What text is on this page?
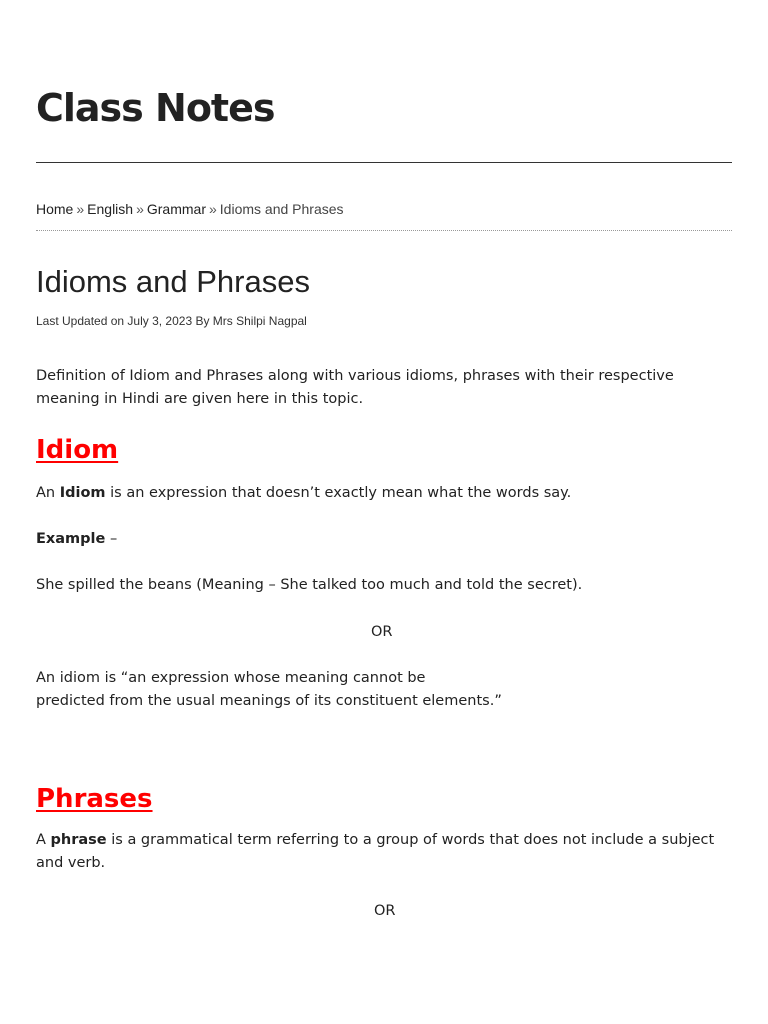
Class Notes
Home » English » Grammar » Idioms and Phrases
Idioms and Phrases
Last Updated on July 3, 2023 By Mrs Shilpi Nagpal

Definition of Idiom and Phrases along with various idioms, phrases with their respective meaning in Hindi are given here in this topic.

Idiom

An Idiom is an expression that doesn’t exactly mean what the words say.

Example –

She spilled the beans (Meaning – She talked too much and told the secret).

OR

An idiom is “an expression whose meaning cannot be
predicted from the usual meanings of its constituent elements.”

Phrases

A phrase is a grammatical term referring to a group of words that does not include a subject and verb.

OR
